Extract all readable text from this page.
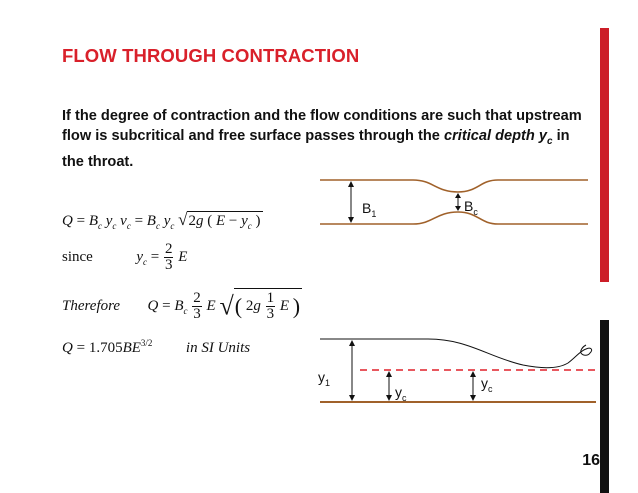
FLOW THROUGH CONTRACTION
If the degree of contraction and the flow conditions are such that upstream flow is subcritical and free surface passes through the critical depth $y_c$ in the throat.
$Q = B_c$ $y_c$ $v_c = B_c$ $y_c$ √2g ( $E - y_c$ )
since	$y_c = \frac{2}{3}$ E
Therefore  $Q = B_c \frac{2}{3}$ E √( $2g \frac{1}{3}$ E )
$Q = 1.705BE^{3/2}$ in SI Units
$B_1$	$B_c$
$y_1$
$y_c$
$y_c$
16
